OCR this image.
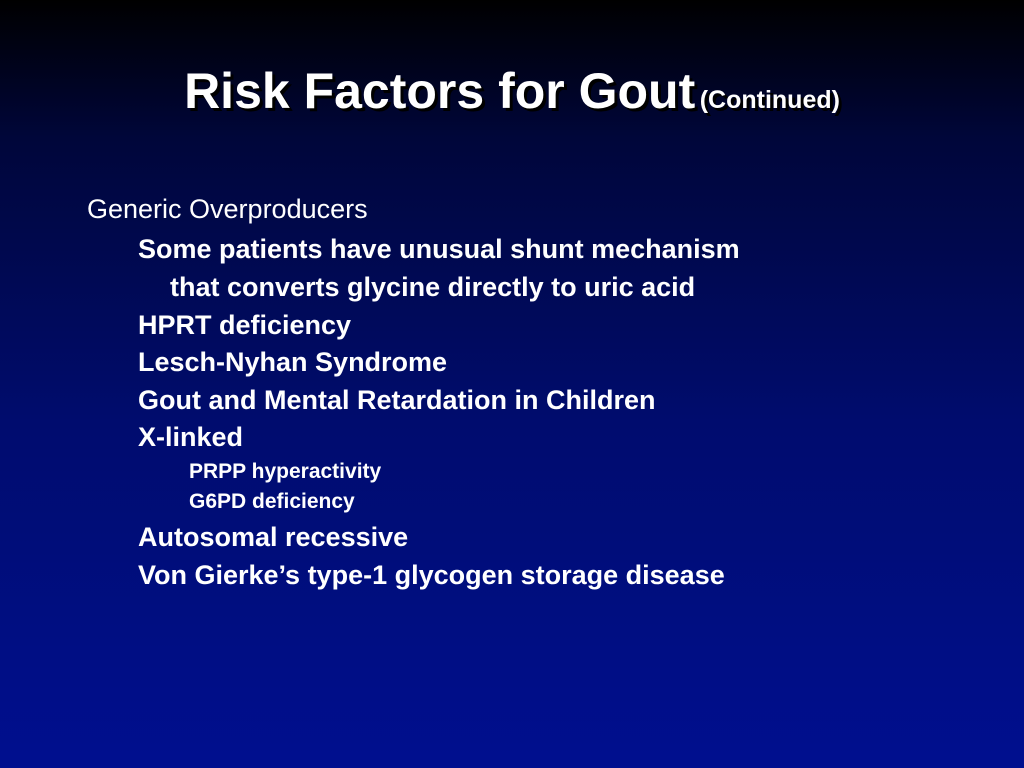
Risk Factors for Gout (Continued)
Generic Overproducers
Some patients have unusual shunt mechanism
that converts glycine directly to uric acid
HPRT deficiency
Lesch-Nyhan Syndrome
Gout and Mental Retardation in Children
X-linked
PRPP hyperactivity
G6PD deficiency
Autosomal recessive
Von Gierke’s type-1 glycogen storage disease
